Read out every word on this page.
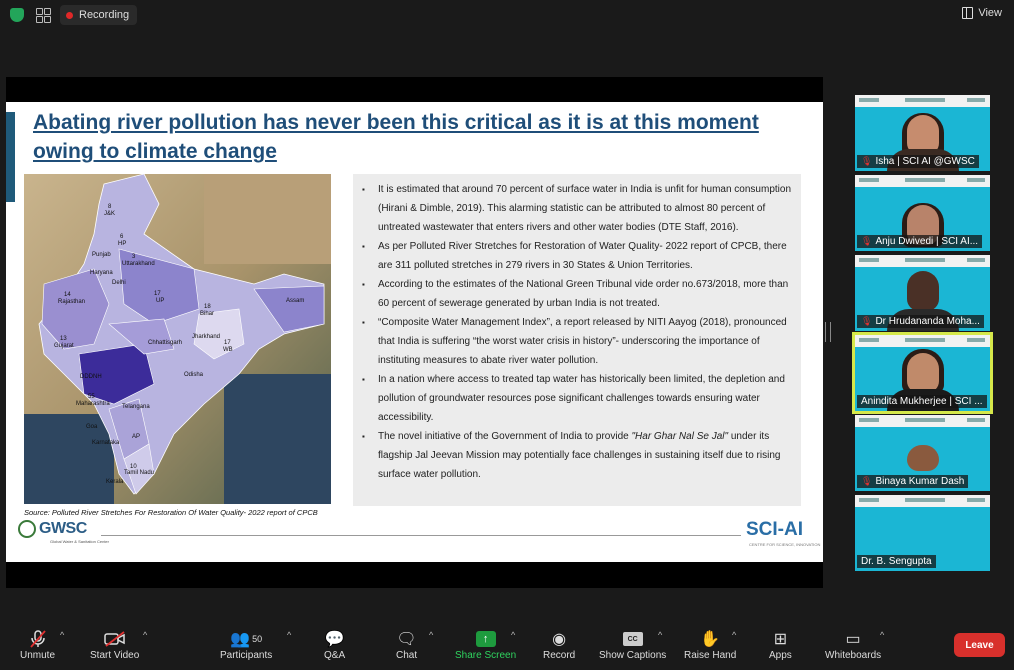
Recording	View
Abating river pollution has never been this critical as it is at this moment owing to climate change
8
J&K
6
HP
Punjab	3
Uttarakhand
Haryana
Delhi
14
Rajasthan
17
UP	Assam
18
Bihar
13
Gujarat
Jharkhand
Chhattisgarh	17
WB
DDDNH	Odisha
55
Maharashtra Telangana
Goa
AP
Karnataka
Tamil Nadu
Kerala
10
Source: Polluted River Stretches For Restoration Of Water Quality- 2022 report of CPCB
▪ It is estimated that around 70 percent of surface water in India is unfit for human consumption (Hirani & Dimble, 2019). This alarming statistic can be attributed to almost 80 percent of untreated wastewater that enters rivers and other water bodies (DTE Staff, 2016).
▪ As per Polluted River Stretches for Restoration of Water Quality- 2022 report of CPCB, there are 311 polluted stretches in 279 rivers in 30 States & Union Territories.
▪ According to the estimates of the National Green Tribunal vide order no.673/2018, more than 60 percent of sewerage generated by urban India is not treated.
▪ “Composite Water Management Index”, a report released by NITI Aayog (2018), pronounced that India is suffering “the worst water crisis in history”- underscoring the importance of instituting measures to abate river water pollution.
▪ In a nation where access to treated tap water has historically been limited, the depletion and pollution of groundwater resources pose significant challenges towards ensuring water accessibility.
▪ The novel initiative of the Government of India to provide "Har Ghar Nal Se Jal" under its flagship Jal Jeevan Mission may potentially face challenges in sustaining itself due to rising surface water pollution.
GWSC
Global Water & Sanitation Center
SCI-AI
CENTRE FOR SCIENCE, INNOVATION
🎙 Isha | SCI AI @GWSC
🎙 Anju Dwivedi | SCI AI...
🎙 Dr Hrudananda Moha...
Anindita Mukherjee | SCI ...
🎙 Binaya Kumar Dash
Dr. B. Sengupta
Unmute
^
Start Video
^	👥 50
Participants
^ 💬
Q&A
🗨
Chat
^	↑
Share Screen
^ ◉
Record
CC
Show Captions
^ ✋
Raise Hand
^ ⊞
Apps
▭
Whiteboards
^
Leave
